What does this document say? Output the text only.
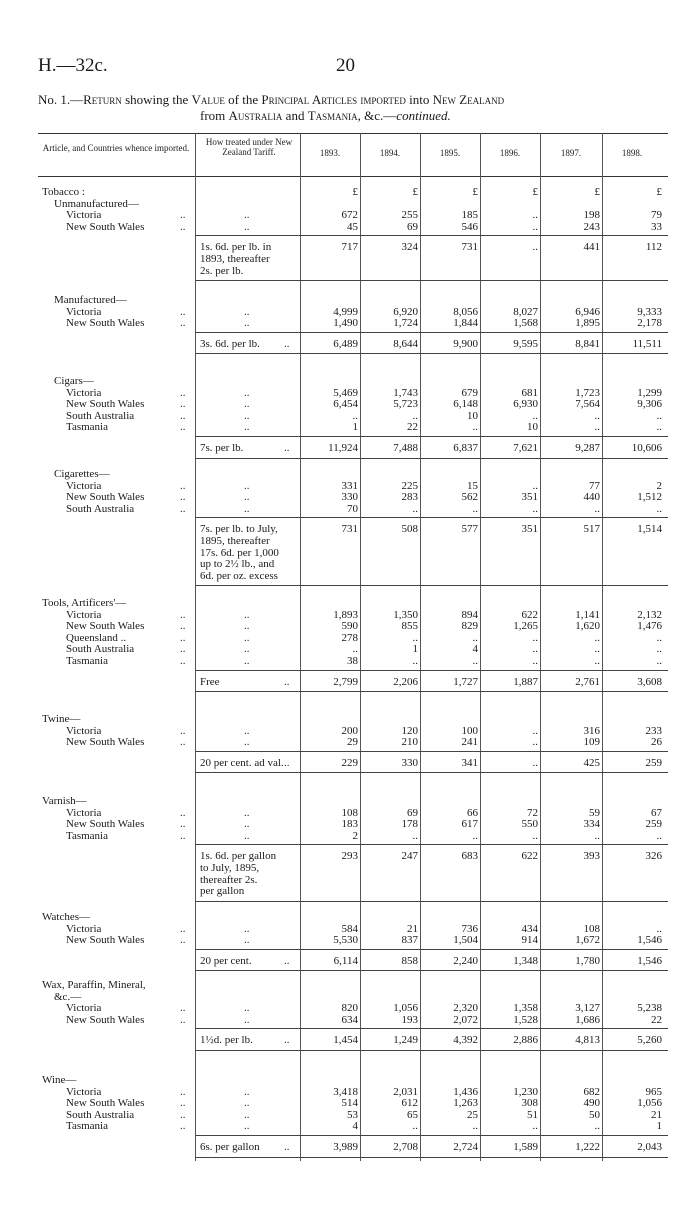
H.—32c.	20
No. 1.—Return showing the Value of the Principal Articles imported into New Zealand
from Australia and Tasmania, &c.—continued.
Article, and Countries whence imported.
How treated under New Zealand Tariff.	1893.	1894.	1895.	1896.	1897.	1898.
£	£	£	£	£	£
Tobacco :
Unmanufactured—
Victoria	..	..	672	255	185	..	198	79
New South Wales	..	..	45	69	546	..	243	33
1s. 6d. per lb. in
1893, thereafter
2s. per lb.
717	324	731	..	441	112
Manufactured—
Victoria	..	..	4,999	6,920	8,056	8,027	6,946	9,333
New South Wales	..	..	1,490	1,724	1,844	1,568	1,895	2,178
3s. 6d. per lb.	..	6,489	8,644	9,900	9,595	8,841	11,511
Cigars—
Victoria	..	..	5,469	1,743	679	681	1,723	1,299
New South Wales	..	..	6,454	5,723	6,148	6,930	7,564	9,306
South Australia	..	..	..	..	10	..	..	..
Tasmania	..	..	1	22	..	10	..	..
7s. per lb.	..	11,924	7,488	6,837	7,621	9,287	10,606
Cigarettes—
Victoria	..	..	331	225	15	..	77	2
New South Wales	..	..	330	283	562	351	440	1,512
South Australia	..	..	70	..	..	..	..	..
7s. per lb. to July,
1895, thereafter
17s. 6d. per 1,000
up to 2½ lb., and
6d. per oz. excess
731	508	577	351	517	1,514
Tools, Artificers'—
Victoria	..	..	1,893	1,350	894	622	1,141	2,132
New South Wales	..	..	590	855	829	1,265	1,620	1,476
Queensland ..	..	..	278	..	..	..	..	..
South Australia	..	..	..	1	4	..	..	..
Tasmania	..	..	38	..	..	..	..	..
Free	..	2,799	2,206	1,727	1,887	2,761	3,608
Twine—
Victoria	..	..	200	120	100	..	316	233
New South Wales	..	..	29	210	241	..	109	26
20 per cent. ad val. ..	229	330	341	..	425	259
Varnish—
Victoria	..	..	108	69	66	72	59	67
New South Wales	..	..	183	178	617	550	334	259
Tasmania	..	..	2	..	..	..	..	..
1s. 6d. per gallon
to July, 1895,
thereafter 2s.
per gallon
293	247	683	622	393	326
Watches—
Victoria	..	..	584	21	736	434	108	..
New South Wales	..	..	5,530	837	1,504	914	1,672	1,546
20 per cent.	..	6,114	858	2,240	1,348	1,780	1,546
Wax, Paraffin, Mineral,
&c.—
Victoria	..	..	820	1,056	2,320	1,358	3,127	5,238
New South Wales	..	..	634	193	2,072	1,528	1,686	22
1½d. per lb.	..	1,454	1,249	4,392	2,886	4,813	5,260
Wine—
Victoria	..	..	3,418	2,031	1,436	1,230	682	965
New South Wales	..	..	514	612	1,263	308	490	1,056
South Australia	..	..	53	65	25	51	50	21
Tasmania	..	..	4	..	..	..	..	1
6s. per gallon	..	3,989	2,708	2,724	1,589	1,222	2,043
